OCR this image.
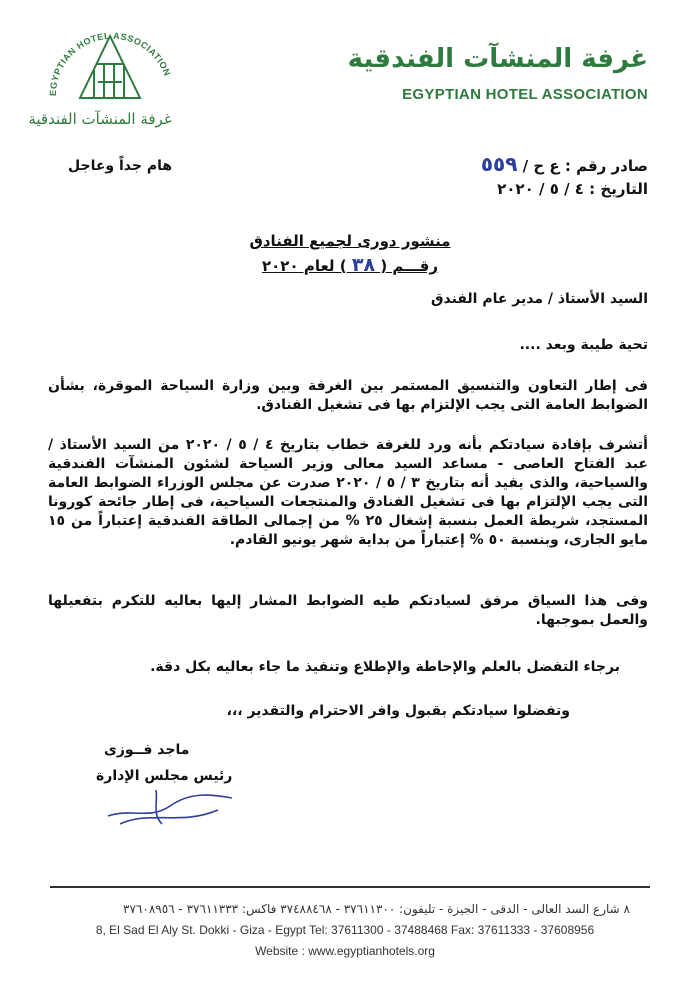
EGYPTIAN HOTEL ASSOCIATION
غرفة المنشآت الفندقية
غرفة المنشآت الفندقية
EGYPTIAN HOTEL ASSOCIATION
صادر رقم : ع ح / ٥٥٩
التاريخ : ٤ / ٥ / ٢٠٢٠
هام جداً وعاجل
منشور دورى لجميع الفنادق
رقـــم ( ٣٨ ) لعام ٢٠٢٠
السيد الأستاذ / مدير عام الفندق
تحية طيبة وبعد ....
فى إطار التعاون والتنسيق المستمر بين الغرفة وبين وزارة السياحة الموقرة، بشأن الضوابط العامة التى يجب الإلتزام بها فى تشغيل الفنادق.
أتشرف بإفادة سيادتكم بأنه ورد للغرفة خطاب بتاريخ ٤ / ٥ / ٢٠٢٠ من السيد الأستاذ / عبد الفتاح العاصى - مساعد السيد معالى وزير السياحة لشئون المنشآت الفندقية والسياحية، والذى يفيد أنه بتاريخ ٣ / ٥ / ٢٠٢٠ صدرت عن مجلس الوزراء الضوابط العامة التى يجب الإلتزام بها فى تشغيل الفنادق والمنتجعات السياحية، فى إطار جائحة كورونا المستجد، شريطة العمل بنسبة إشغال ٢٥ % من إجمالى الطاقة الفندقية إعتباراً من ١٥ مايو الجارى، وبنسبة ٥٠ % إعتباراً من بداية شهر يونيو القادم.
وفى هذا السياق مرفق لسيادتكم طيه الضوابط المشار إليها بعاليه للتكرم بتفعيلها والعمل بموجبها.
برجاء التفضل بالعلم والإحاطة والإطلاع وتنفيذ ما جاء بعاليه بكل دقة.
وتفضلوا سيادتكم بقبول وافر الاحترام والتقدير ،،،
ماجد فــوزى
رئيس مجلس الإدارة
٨ شارع السد العالى - الدقى - الجيزة - تليفون: ٣٧٦١١٣٠٠ - ٣٧٤٨٨٤٦٨ فاكس: ٣٧٦١١٣٣٣ - ٣٧٦٠٨٩٥٦
8, El Sad El Aly St. Dokki - Giza - Egypt Tel: 37611300 - 37488468 Fax: 37611333 - 37608956
Website : www.egyptianhotels.org
